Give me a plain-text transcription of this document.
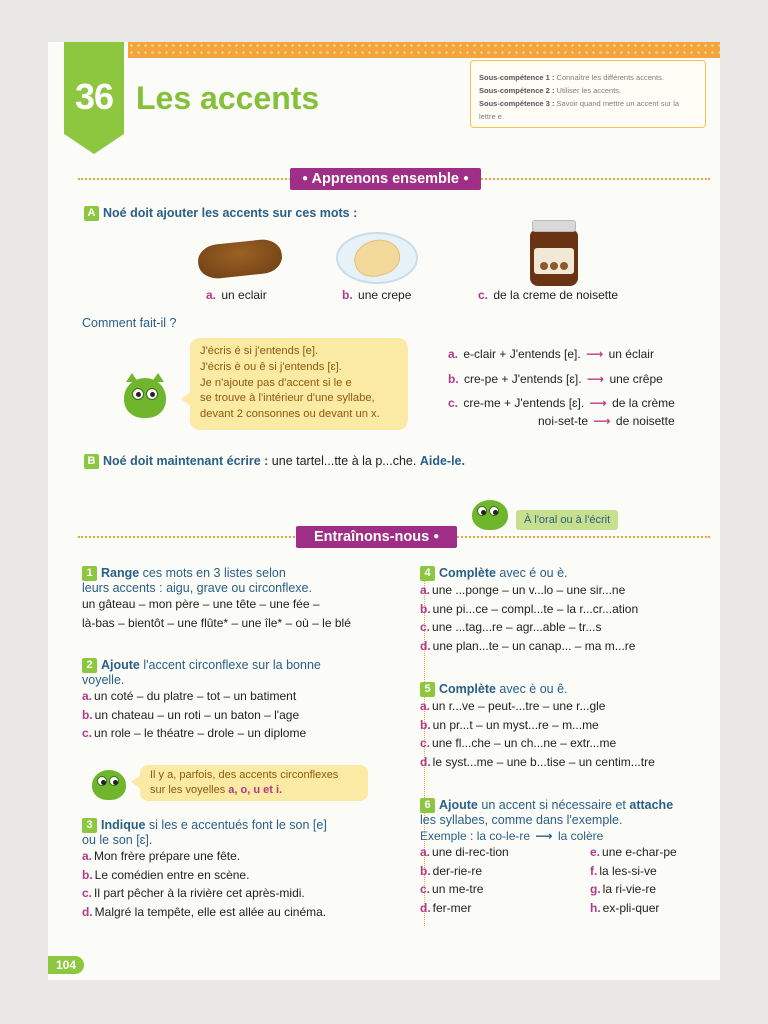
36 Les accents
Sous-compétence 1 : Connaître les différents accents.
Sous-compétence 2 : Utiliser les accents.
Sous-compétence 3 : Savoir quand mettre un accent sur la lettre e.
● Apprenons ensemble ●
A Noé doit ajouter les accents sur ces mots :
a. un eclair	b. une crepe	c. de la creme de noisette
Comment fait-il ?
J'écris é si j'entends [e].
J'écris è ou ê si j'entends [ɛ].
Je n'ajoute pas d'accent si le e
se trouve à l'intérieur d'une syllabe,
devant 2 consonnes ou devant un x.
a. e-clair + J'entends [e]. ⟶ un éclair
b. cre-pe + J'entends [ɛ]. ⟶ une crêpe
c. cre-me + J'entends [ɛ]. ⟶ de la crème
noi-set-te ⟶ de noisette
B Noé doit maintenant écrire : une tartel...tte à la p...che. Aide-le.
À l'oral ou à l'écrit
Entraînons-nous ●
1 Range ces mots en 3 listes selon
leurs accents : aigu, grave ou circonflexe.
un gâteau – mon père – une tête – une fée –
là-bas – bientôt – une flûte* – une île* – où – le blé
2 Ajoute l'accent circonflexe sur la bonne
voyelle.
a. un coté – du platre – tot – un batiment
b. un chateau – un roti – un baton – l'age
c. un role – le théatre – drole – un diplome
Il y a, parfois, des accents circonflexes
sur les voyelles a, o, u et i.
3 Indique si les e accentués font le son [e]
ou le son [ɛ].
a. Mon frère prépare une fête.
b. Le comédien entre en scène.
c. Il part pêcher à la rivière cet après-midi.
d. Malgré la tempête, elle est allée au cinéma.
4 Complète avec é ou è.
a. une ...ponge – un v...lo – une sir...ne
b. une pi...ce – compl...te – la r...cr...ation
c. une ...tag...re – agr...able – tr...s
d. une plan...te – un canap... – ma m...re
5 Complète avec è ou ê.
a. un r...ve – peut-...tre – une r...gle
b. un pr...t – un myst...re – m...me
c. une fl...che – un ch...ne – extr...me
d. le syst...me – une b...tise – un centim...tre
6 Ajoute un accent si nécessaire et attache
les syllabes, comme dans l'exemple.
Exemple : la co-le-re ⟶ la colère
a. une di-rec-tion	e. une e-char-pe
b. der-rie-re	f. la les-si-ve
c. un me-tre	g. la ri-vie-re
d. fer-mer	h. ex-pli-quer
104
